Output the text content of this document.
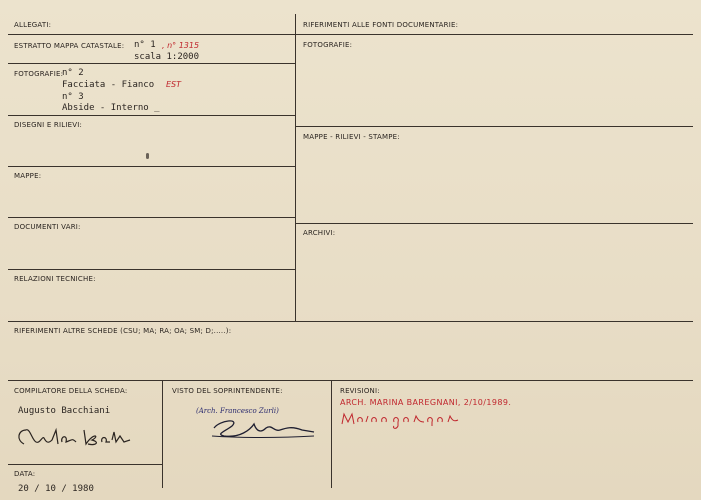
ALLEGATI:
ESTRATTO MAPPA CATASTALE: n° 1 , n° 1315
scala 1:2000
FOTOGRAFIE:
n° 2
Facciata - Fianco EST
n° 3
Abside - Interno _
DISEGNI E RILIEVI:
MAPPE:
DOCUMENTI VARI:
RELAZIONI TECNICHE:
RIFERIMENTI ALLE FONTI DOCUMENTARIE:
FOTOGRAFIE:
MAPPE - RILIEVI - STAMPE:
ARCHIVI:
RIFERIMENTI ALTRE SCHEDE (CSU; MA; RA; OA; SM; D;.....):
COMPILATORE DELLA SCHEDA:
Augusto Bacchiani
DATA:
20 / 10 / 1980
VISTO DEL SOPRINTENDENTE:
(Arch. Francesco Zurli)
REVISIONI:
ARCH. MARINA BAREGNANI, 2/10/1989.
